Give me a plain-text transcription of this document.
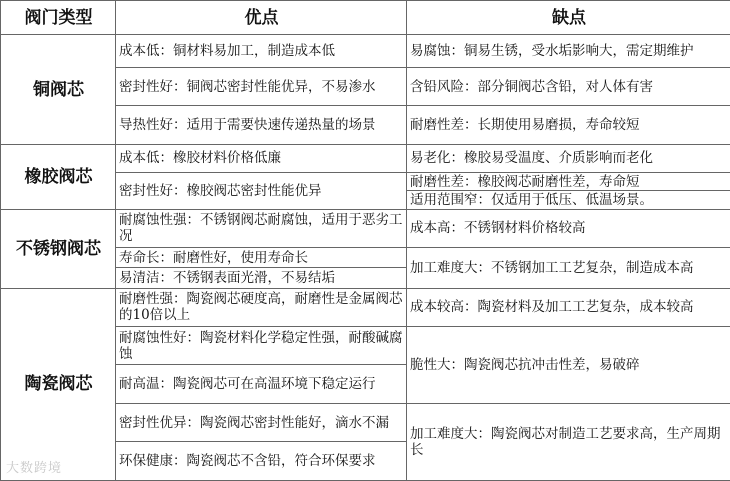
阀门类型	优点	缺点
铜阀芯	成本低：铜材料易加工，制造成本低	易腐蚀：铜易生锈，受水垢影响大，需定期维护
	密封性好：铜阀芯密封性能优异，不易渗水	含铅风险：部分铜阀芯含铅，对人体有害
	导热性好：适用于需要快速传递热量的场景	耐磨性差：长期使用易磨损，寿命较短
橡胶阀芯	成本低：橡胶材料价格低廉	易老化：橡胶易受温度、介质影响而老化
	密封性好：橡胶阀芯密封性能优异	耐磨性差：橡胶阀芯耐磨性差，寿命短
		适用范围窄：仅适用于低压、低温场景。
不锈钢阀芯	耐腐蚀性强：不锈钢阀芯耐腐蚀，适用于恶劣工况	成本高：不锈钢材料价格较高
	寿命长：耐磨性好，使用寿命长	加工难度大：不锈钢加工工艺复杂，制造成本高
	易清洁：不锈钢表面光滑，不易结垢	
陶瓷阀芯	耐磨性强：陶瓷阀芯硬度高，耐磨性是金属阀芯的10倍以上	成本较高：陶瓷材料及加工工艺复杂，成本较高
	耐腐蚀性好：陶瓷材料化学稳定性强，耐酸碱腐蚀	脆性大：陶瓷阀芯抗冲击性差，易破碎
	耐高温：陶瓷阀芯可在高温环境下稳定运行	
	密封性优异：陶瓷阀芯密封性能好，滴水不漏	加工难度大：陶瓷阀芯对制造工艺要求高，生产周期长
	环保健康：陶瓷阀芯不含铅，符合环保要求	
大数跨境
